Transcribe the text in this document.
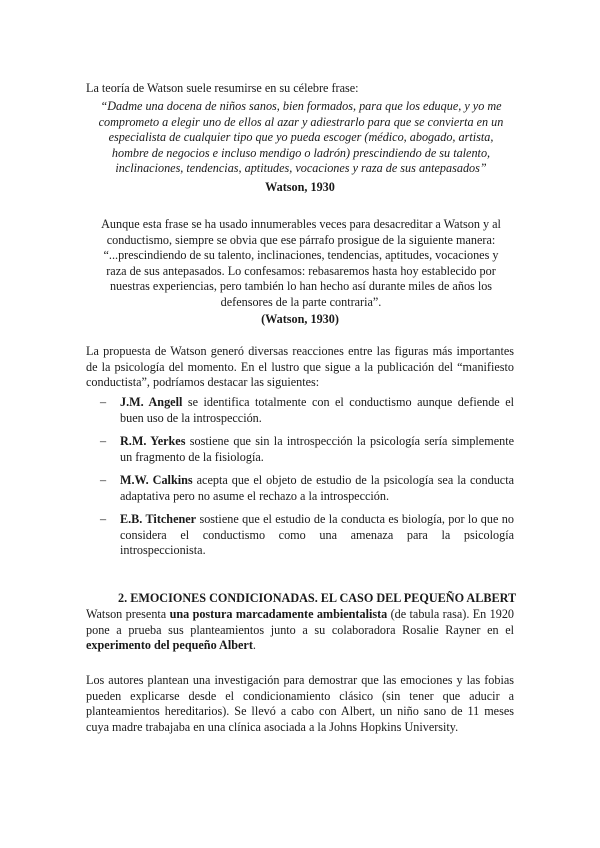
La teoría de Watson suele resumirse en su célebre frase:
“Dadme una docena de niños sanos, bien formados, para que los eduque, y yo me comprometo a elegir uno de ellos al azar y adiestrarlo para que se convierta en un especialista de cualquier tipo que yo pueda escoger (médico, abogado, artista, hombre de negocios e incluso mendigo o ladrón) prescindiendo de su talento, inclinaciones, tendencias, aptitudes, vocaciones y raza de sus antepasados”
Watson, 1930
Aunque esta frase se ha usado innumerables veces para desacreditar a Watson y al conductismo, siempre se obvia que ese párrafo prosigue de la siguiente manera: “...prescindiendo de su talento, inclinaciones, tendencias, aptitudes, vocaciones y raza de sus antepasados. Lo confesamos: rebasaremos hasta hoy establecido por nuestras experiencias, pero también lo han hecho así durante miles de años los defensores de la parte contraria”.
(Watson, 1930)
La propuesta de Watson generó diversas reacciones entre las figuras más importantes de la psicología del momento. En el lustro que sigue a la publicación del “manifiesto conductista”, podríamos destacar las siguientes:
– J.M. Angell se identifica totalmente con el conductismo aunque defiende el buen uso de la introspección.
– R.M. Yerkes sostiene que sin la introspección la psicología sería simplemente un fragmento de la fisiología.
– M.W. Calkins acepta que el objeto de estudio de la psicología sea la conducta adaptativa pero no asume el rechazo a la introspección.
– E.B. Titchener sostiene que el estudio de la conducta es biología, por lo que no considera el conductismo como una amenaza para la psicología introspeccionista.
2. EMOCIONES CONDICIONADAS. EL CASO DEL PEQUEÑO ALBERT
Watson presenta una postura marcadamente ambientalista (de tabula rasa). En 1920 pone a prueba sus planteamientos junto a su colaboradora Rosalie Rayner en el experimento del pequeño Albert.
Los autores plantean una investigación para demostrar que las emociones y las fobias pueden explicarse desde el condicionamiento clásico (sin tener que aducir a planteamientos hereditarios). Se llevó a cabo con Albert, un niño sano de 11 meses cuya madre trabajaba en una clínica asociada a la Johns Hopkins University.
